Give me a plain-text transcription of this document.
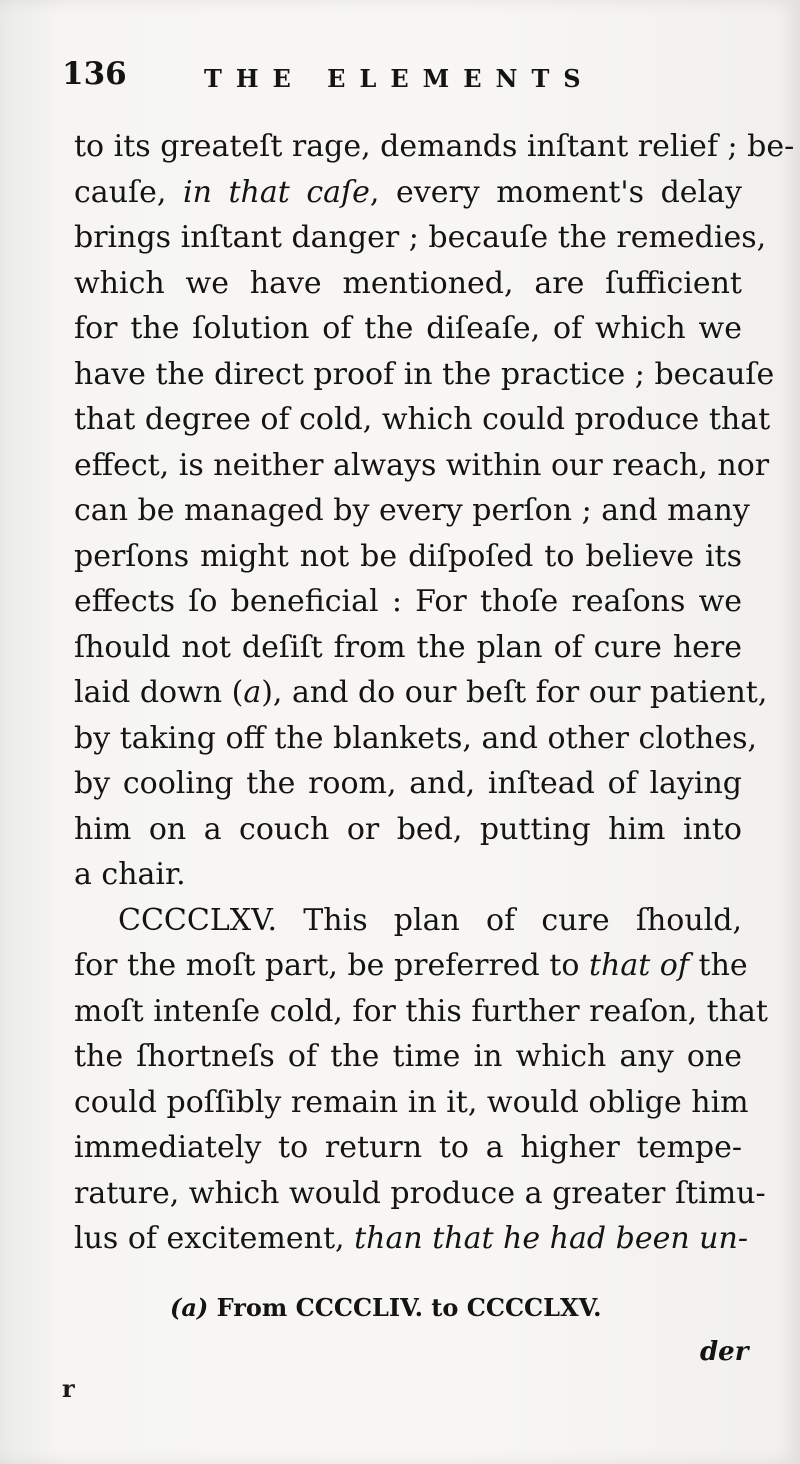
136	THE ELEMENTS
to its greateſt rage, demands inſtant relief ; be-
cauſe, in that caſe, every moment's delay
brings inſtant danger ; becauſe the remedies,
which we have mentioned, are ſufficient
for the ſolution of the diſeaſe, of which we
have the direct proof in the practice ; becauſe
that degree of cold, which could produce that
effect, is neither always within our reach, nor
can be managed by every perſon ; and many
perſons might not be diſpoſed to believe its
effects ſo beneficial : For thoſe reaſons we
ſhould not deſiſt from the plan of cure here
laid down (a), and do our beſt for our patient,
by taking off the blankets, and other clothes,
by cooling the room, and, inſtead of laying
him on a couch or bed, putting him into
a chair.
CCCCLXV. This plan of cure ſhould,
for the moſt part, be preferred to that of the
moſt intenſe cold, for this further reaſon, that
the ſhortneſs of the time in which any one
could poſſibly remain in it, would oblige him
immediately to return to a higher tempe-
rature, which would produce a greater ſtimu-
lus of excitement, than that he had been un-
(a) From CCCCLIV. to CCCCLXV.
der
r
